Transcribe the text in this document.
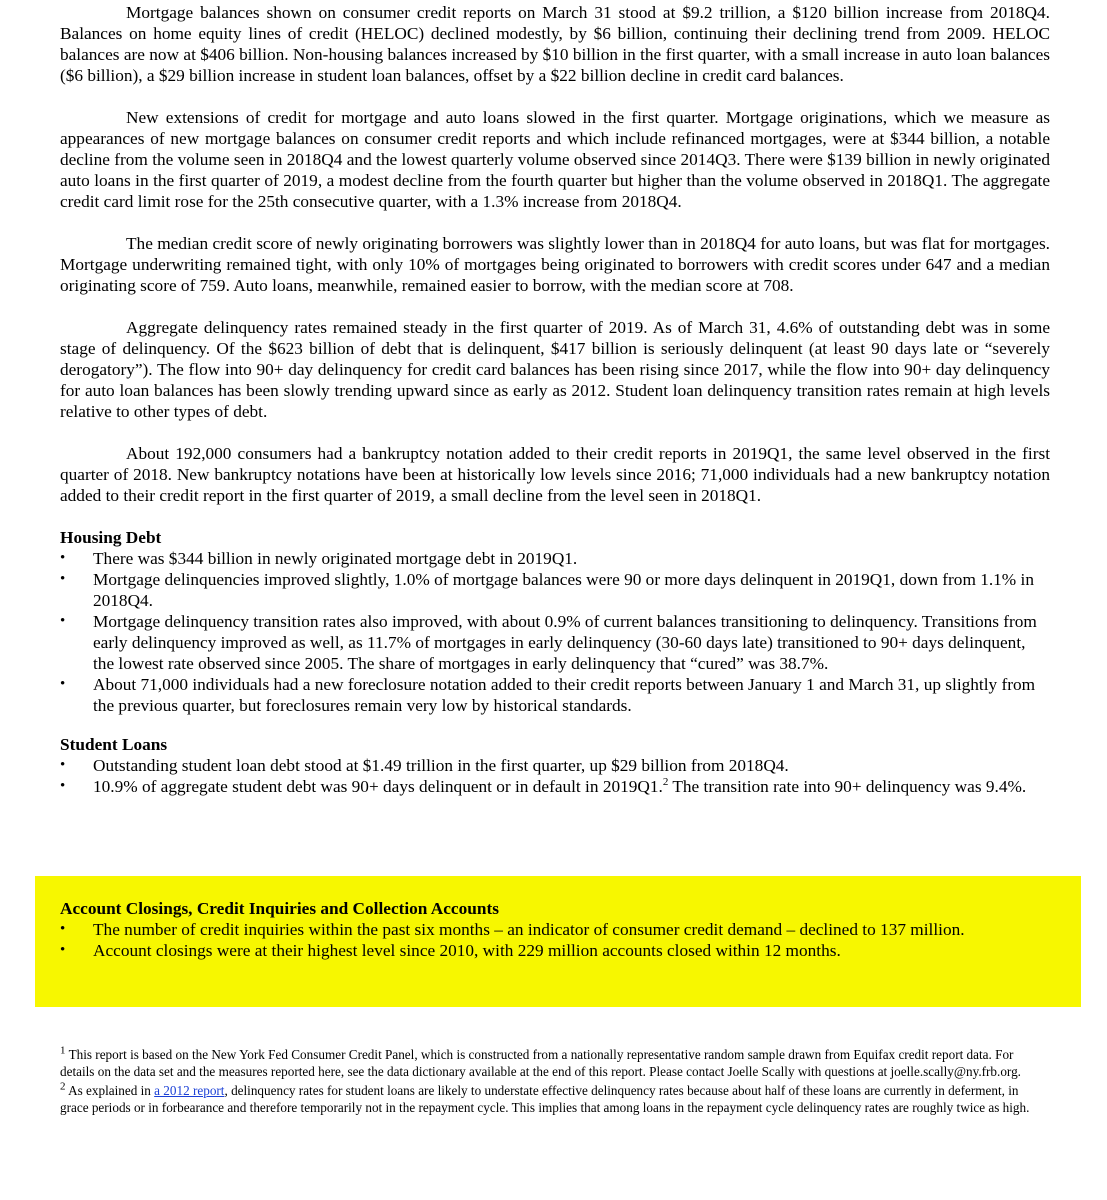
Mortgage balances shown on consumer credit reports on March 31 stood at $9.2 trillion, a $120 billion increase from 2018Q4. Balances on home equity lines of credit (HELOC) declined modestly, by $6 billion, continuing their declining trend from 2009. HELOC balances are now at $406 billion. Non-housing balances increased by $10 billion in the first quarter, with a small increase in auto loan balances ($6 billion), a $29 billion increase in student loan balances, offset by a $22 billion decline in credit card balances.

New extensions of credit for mortgage and auto loans slowed in the first quarter. Mortgage originations, which we measure as appearances of new mortgage balances on consumer credit reports and which include refinanced mortgages, were at $344 billion, a notable decline from the volume seen in 2018Q4 and the lowest quarterly volume observed since 2014Q3. There were $139 billion in newly originated auto loans in the first quarter of 2019, a modest decline from the fourth quarter but higher than the volume observed in 2018Q1. The aggregate credit card limit rose for the 25th consecutive quarter, with a 1.3% increase from 2018Q4.

The median credit score of newly originating borrowers was slightly lower than in 2018Q4 for auto loans, but was flat for mortgages. Mortgage underwriting remained tight, with only 10% of mortgages being originated to borrowers with credit scores under 647 and a median originating score of 759. Auto loans, meanwhile, remained easier to borrow, with the median score at 708.

Aggregate delinquency rates remained steady in the first quarter of 2019. As of March 31, 4.6% of outstanding debt was in some stage of delinquency. Of the $623 billion of debt that is delinquent, $417 billion is seriously delinquent (at least 90 days late or “severely derogatory”). The flow into 90+ day delinquency for credit card balances has been rising since 2017, while the flow into 90+ day delinquency for auto loan balances has been slowly trending upward since as early as 2012. Student loan delinquency transition rates remain at high levels relative to other types of debt.

About 192,000 consumers had a bankruptcy notation added to their credit reports in 2019Q1, the same level observed in the first quarter of 2018. New bankruptcy notations have been at historically low levels since 2016; 71,000 individuals had a new bankruptcy notation added to their credit report in the first quarter of 2019, a small decline from the level seen in 2018Q1.

Housing Debt
•	There was $344 billion in newly originated mortgage debt in 2019Q1.
•	Mortgage delinquencies improved slightly, 1.0% of mortgage balances were 90 or more days delinquent in 2019Q1, down from 1.1% in 2018Q4.
•	Mortgage delinquency transition rates also improved, with about 0.9% of current balances transitioning to delinquency. Transitions from early delinquency improved as well, as 11.7% of mortgages in early delinquency (30-60 days late) transitioned to 90+ days delinquent, the lowest rate observed since 2005. The share of mortgages in early delinquency that “cured” was 38.7%.
•	About 71,000 individuals had a new foreclosure notation added to their credit reports between January 1 and March 31, up slightly from the previous quarter, but foreclosures remain very low by historical standards.
Student Loans
•	Outstanding student loan debt stood at $1.49 trillion in the first quarter, up $29 billion from 2018Q4.
•	10.9% of aggregate student debt was 90+ days delinquent or in default in 2019Q1.$^2$ The transition rate into 90+ delinquency was 9.4%.
Account Closings, Credit Inquiries and Collection Accounts
•	The number of credit inquiries within the past six months – an indicator of consumer credit demand – declined to 137 million.
•	Account closings were at their highest level since 2010, with 229 million accounts closed within 12 months.

$^1$ This report is based on the New York Fed Consumer Credit Panel, which is constructed from a nationally representative random sample drawn from Equifax credit report data. For details on the data set and the measures reported here, see the data dictionary available at the end of this report. Please contact Joelle Scally with questions at joelle.scally@ny.frb.org.

$^2$ As explained in a 2012 report, delinquency rates for student loans are likely to understate effective delinquency rates because about half of these loans are currently in deferment, in grace periods or in forbearance and therefore temporarily not in the repayment cycle. This implies that among loans in the repayment cycle delinquency rates are roughly twice as high.
